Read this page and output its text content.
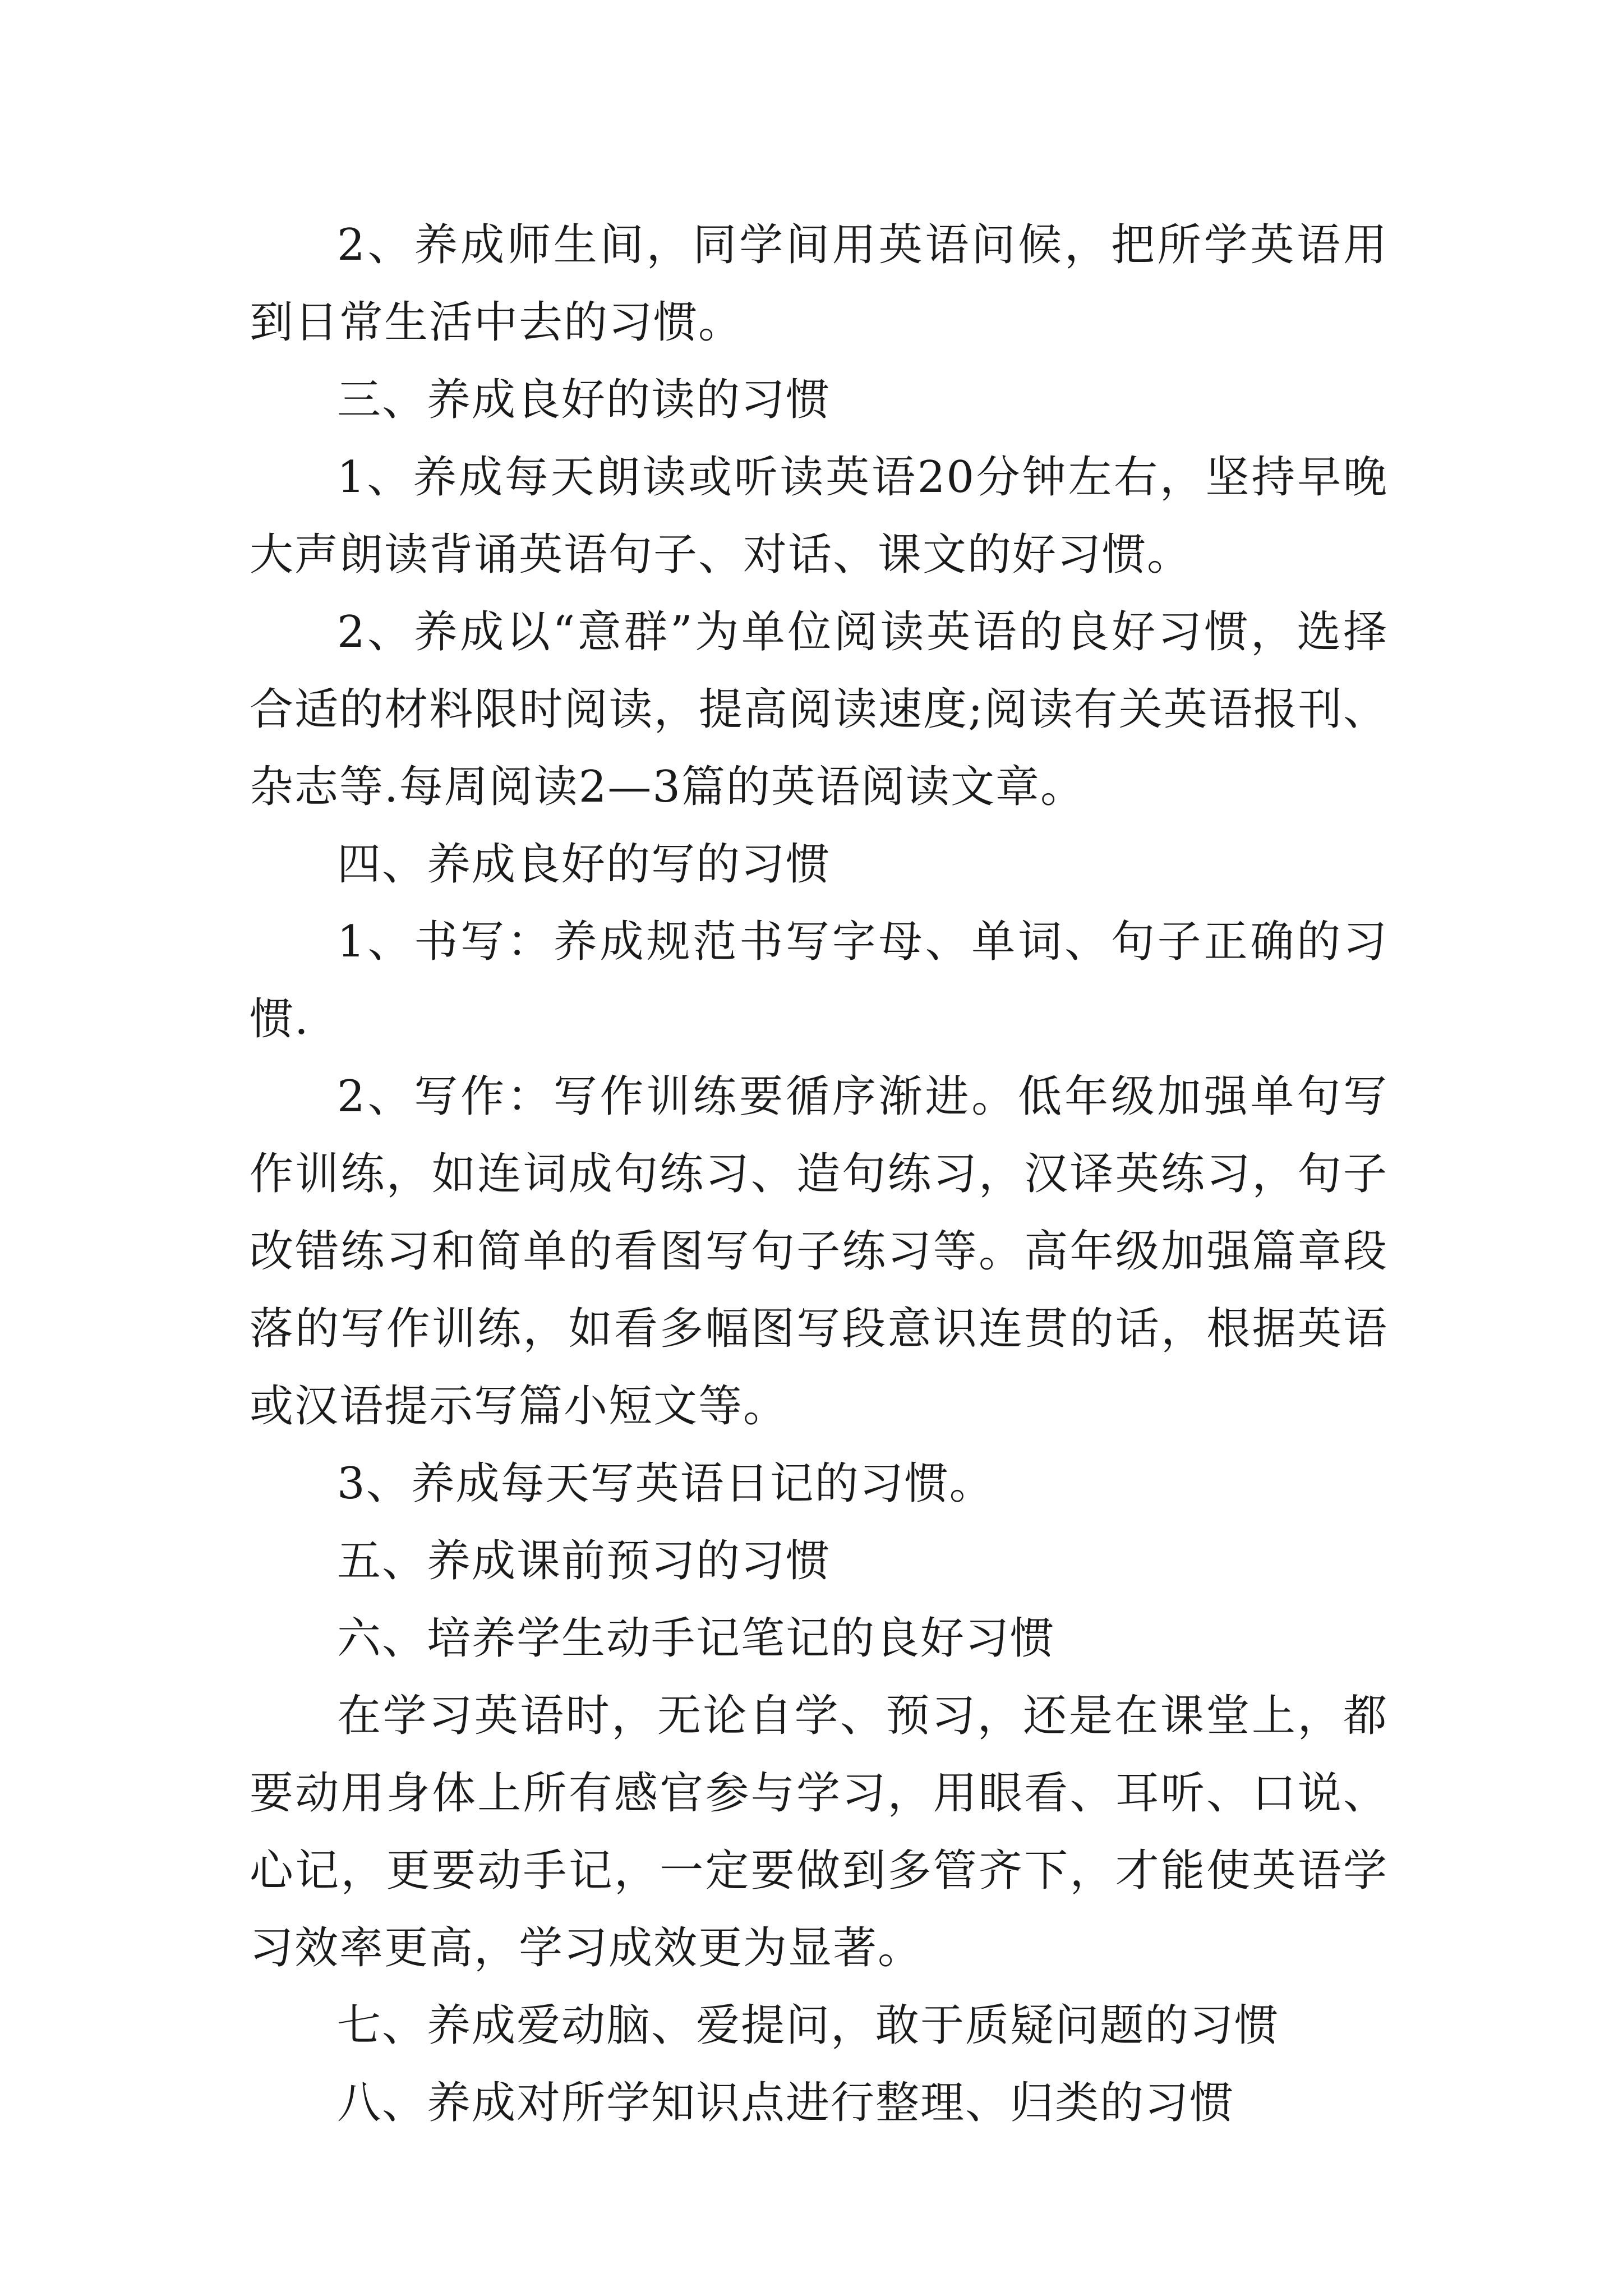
2、养成师生间，同学间用英语问候，把所学英语用到日常生活中去的习惯。

三、养成良好的读的习惯

1、养成每天朗读或听读英语20分钟左右，坚持早晚大声朗读背诵英语句子、对话、课文的好习惯。

2、养成以“意群”为单位阅读英语的良好习惯，选择合适的材料限时阅读，提高阅读速度;阅读有关英语报刊、杂志等.每周阅读2—3篇的英语阅读文章。

四、养成良好的写的习惯

1、书写：养成规范书写字母、单词、句子正确的习惯.

2、写作：写作训练要循序渐进。低年级加强单句写作训练，如连词成句练习、造句练习，汉译英练习，句子改错练习和简单的看图写句子练习等。高年级加强篇章段落的写作训练，如看多幅图写段意识连贯的话，根据英语或汉语提示写篇小短文等。

3、养成每天写英语日记的习惯。

五、养成课前预习的习惯

六、培养学生动手记笔记的良好习惯

在学习英语时，无论自学、预习，还是在课堂上，都要动用身体上所有感官参与学习，用眼看、耳听、口说、心记，更要动手记，一定要做到多管齐下，才能使英语学习效率更高，学习成效更为显著。

七、养成爱动脑、爱提问，敢于质疑问题的习惯

八、养成对所学知识点进行整理、归类的习惯
